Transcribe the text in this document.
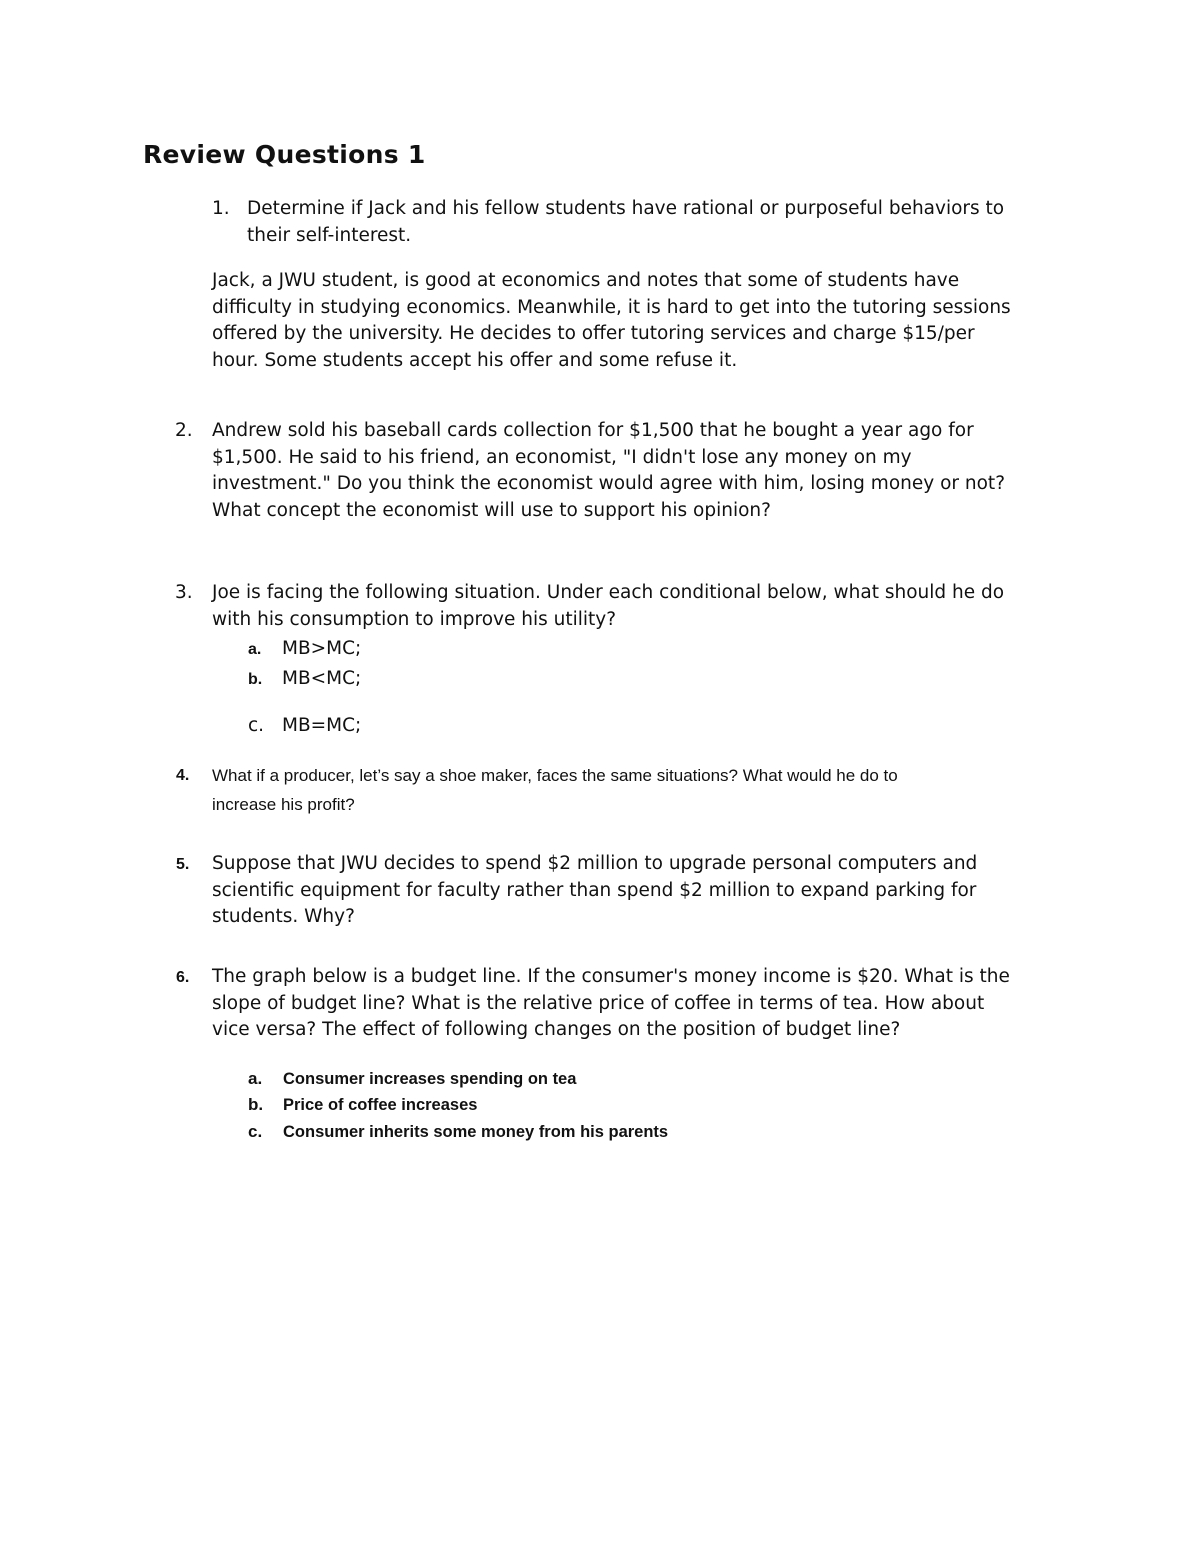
Review Questions 1
1. Determine if Jack and his fellow students have rational or purposeful behaviors to
their self-interest.
Jack, a JWU student, is good at economics and notes that some of students have
difficulty in studying economics. Meanwhile, it is hard to get into the tutoring sessions
offered by the university. He decides to offer tutoring services and charge $15/per
hour. Some students accept his offer and some refuse it.
2. Andrew sold his baseball cards collection for $1,500 that he bought a year ago for
$1,500. He said to his friend, an economist, "I didn't lose any money on my
investment." Do you think the economist would agree with him, losing money or not?
What concept the economist will use to support his opinion?
3. Joe is facing the following situation. Under each conditional below, what should he do
with his consumption to improve his utility?
a. MB>MC;
b. MB<MC;
c. MB=MC;
4. What if a producer, let’s say a shoe maker, faces the same situations? What would he do to
increase his profit?
5. Suppose that JWU decides to spend $2 million to upgrade personal computers and
scientific equipment for faculty rather than spend $2 million to expand parking for
students. Why?
6. The graph below is a budget line. If the consumer's money income is $20. What is the
slope of budget line? What is the relative price of coffee in terms of tea. How about
vice versa? The effect of following changes on the position of budget line?
a. Consumer increases spending on tea
b. Price of coffee increases
c. Consumer inherits some money from his parents
